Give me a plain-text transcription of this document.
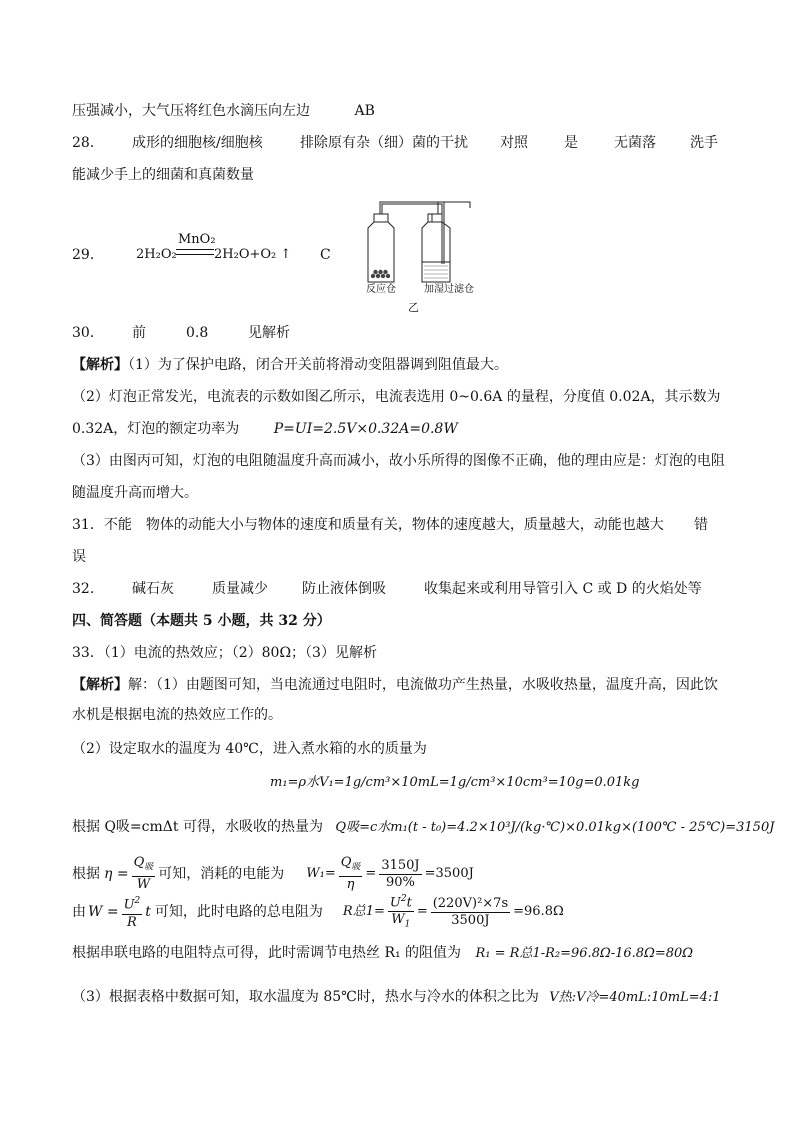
压强减小，大气压将红色水滴压向左边	AB
28． 成形的细胞核/细胞核	排除原有杂（细）菌的干扰 对照	是	无菌落 洗手
能减少手上的细菌和真菌数量
29． 2H₂O₂
MnO₂
2H₂O+O₂ ↑ C
反应仓	加湿过滤仓
乙
30． 前	0.8	见解析
【解析】（1）为了保护电路，闭合开关前将滑动变阻器调到阻值最大。
（2）灯泡正常发光，电流表的示数如图乙所示，电流表选用 0~0.6A 的量程，分度值 0.02A，其示数为
0.32A，灯泡的额定功率为 P=UI=2.5V×0.32A=0.8W
（3）由图丙可知，灯泡的电阻随温度升高而减小，故小乐所得的图像不正确，他的理由应是：灯泡的电阻
随温度升高而增大。
31．不能　物体的动能大小与物体的速度和质量有关，物体的速度越大，质量越大，动能也越大 错
误
32． 碱石灰	质量减少 防止液体倒吸	收集起来或利用导管引入 C 或 D 的火焰处等
四、简答题（本题共 5 小题，共 32 分）
33．（1）电流的热效应；（2）80Ω；（3）见解析
【解析】解：（1）由题图可知，当电流通过电阻时，电流做功产生热量，水吸收热量，温度升高，因此饮
水机是根据电流的热效应工作的。
（2）设定取水的温度为 40℃，进入煮水箱的水的质量为
m₁=ρ水V₁=1g/cm³×10mL=1g/cm³×10cm³=10g=0.01kg
根据 Q吸=cmΔt 可得，水吸收的热量为 Q吸=c水m₁(t - t₀)=4.2×10³J/(kg·℃)×0.01kg×(100℃ - 25℃)=3150J
根据 $\eta = \frac{Q_吸}{W}$ 可知，消耗的电能为 $W_1= \frac{Q_吸}{\eta} = \frac{3150J}{90\%} =3500J$
由 $W = \frac{U^2}{R}$ t 可知，此时电路的总电阻为 R总$1= \frac{U^2t}{W_1} = \frac{\text{(220V)²×7s}}{3500J} =96.8\Omega$
根据串联电路的电阻特点可得，此时需调节电热丝 R₁ 的阻值为 R₁ = R总1-R₂=96.8Ω-16.8Ω=80Ω
（3）根据表格中数据可知，取水温度为 85℃时，热水与冷水的体积之比为 V热:V冷=40mL:10mL=4:1
